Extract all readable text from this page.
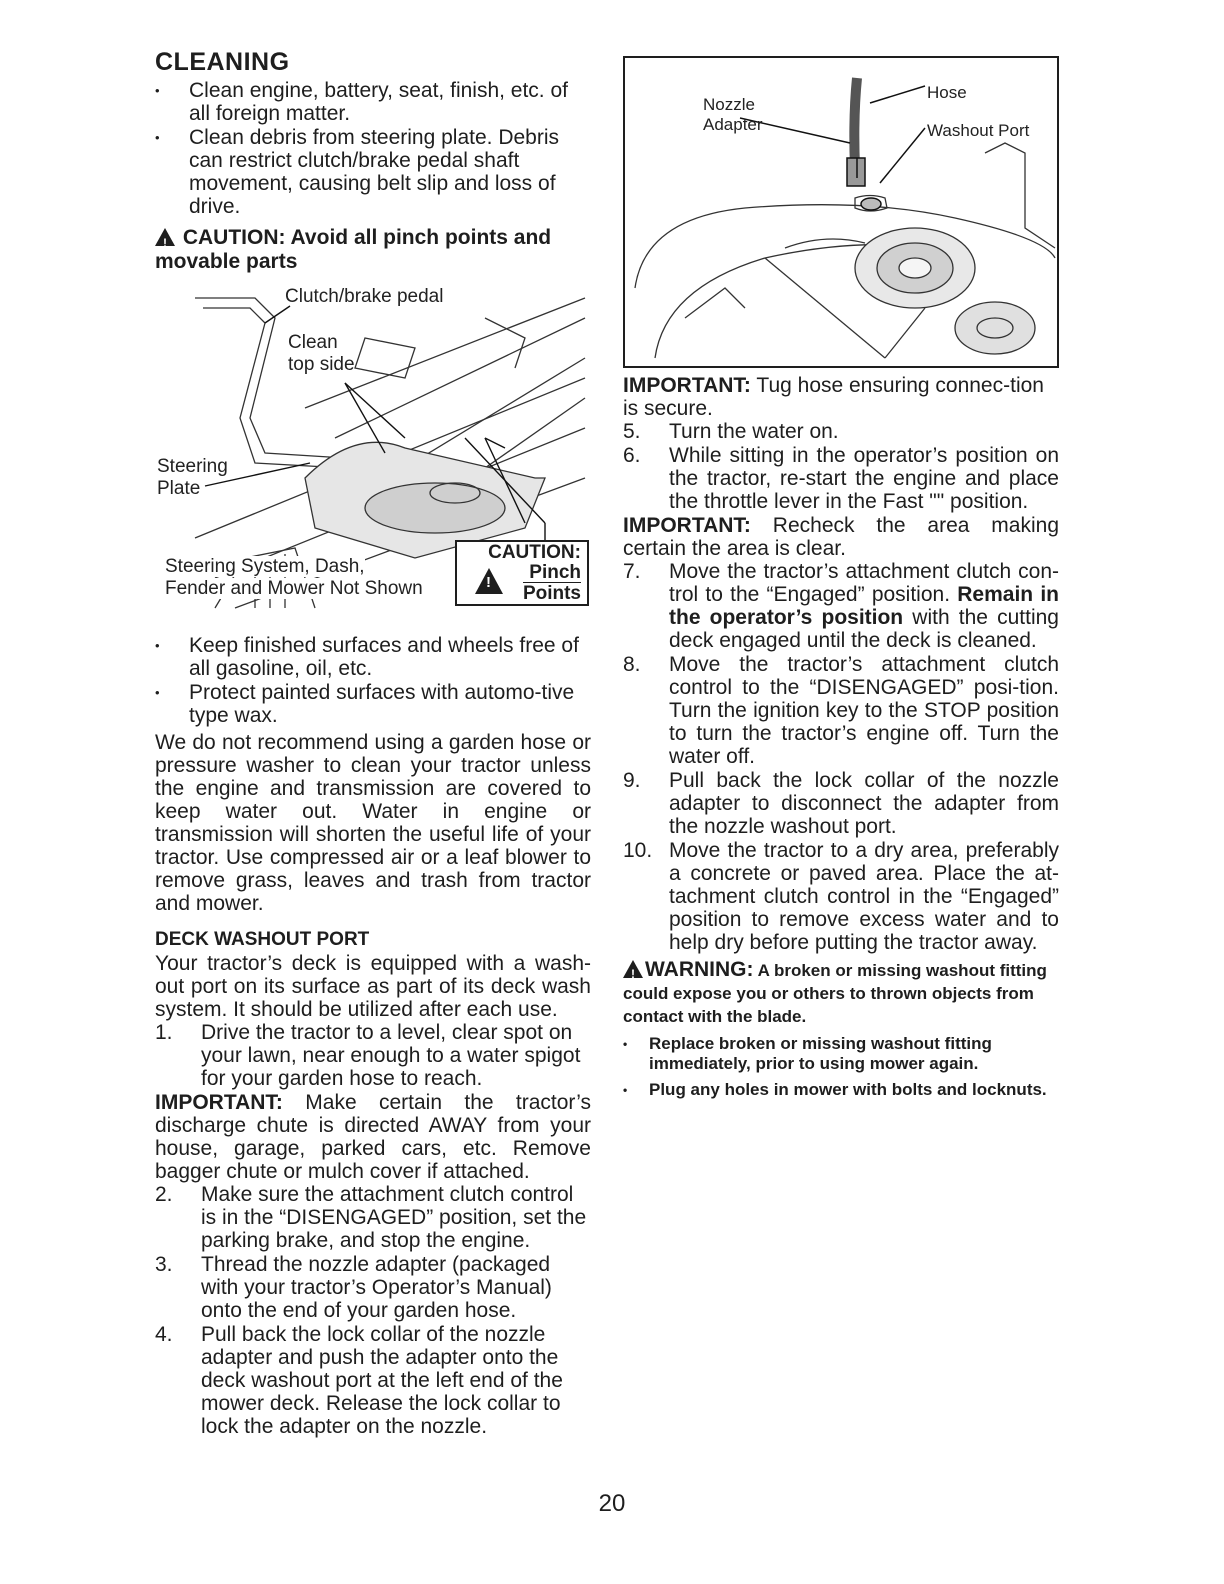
CLEANING
• Clean engine, battery, seat, finish, etc. of all foreign matter.
• Clean debris from steering plate. Debris can restrict clutch/brake pedal shaft movement, causing belt slip and loss of drive.
! CAUTION: Avoid all pinch points and movable parts
Clutch/brake pedal
Clean
top side
Steering
Plate
Steering System, Dash,
Fender and Mower Not Shown
CAUTION:
! Pinch
Points
• Keep finished surfaces and wheels free of all gasoline, oil, etc.
• Protect painted surfaces with automo-tive type wax.

We do not recommend using a garden hose or pressure washer to clean your tractor unless the engine and transmission are covered to keep water out. Water in engine or transmission will shorten the useful life of your tractor. Use compressed air or a leaf blower to remove grass, leaves and trash from tractor and mower.

DECK WASHOUT PORT

Your tractor’s deck is equipped with a wash-out port on its surface as part of its deck wash system. It should be utilized after each use.

1. Drive the tractor to a level, clear spot on your lawn, near enough to a water spigot for your garden hose to reach.

IMPORTANT: Make certain the tractor’s discharge chute is directed AWAY from your house, garage, parked cars, etc. Remove bagger chute or mulch cover if attached.

2. Make sure the attachment clutch control is in the “DISENGAGED” position, set the parking brake, and stop the engine.
3. Thread the nozzle adapter (packaged with your tractor’s Operator’s Manual) onto the end of your garden hose.
4. Pull back the lock collar of the nozzle adapter and push the adapter onto the deck washout port at the left end of the mower deck. Release the lock collar to lock the adapter on the nozzle.
Nozzle
Adapter
Hose
Washout Port

IMPORTANT: Tug hose ensuring connec-tion is secure.

5. Turn the water on.
6. While sitting in the operator’s position on the tractor, re-start the engine and place the throttle lever in the Fast "" position.

IMPORTANT: Recheck the area making certain the area is clear.

7. Move the tractor’s attachment clutch con-trol to the “Engaged” position. Remain in the operator’s position with the cutting deck engaged until the deck is cleaned.
8. Move the tractor’s attachment clutch control to the “DISENGAGED” posi-tion. Turn the ignition key to the STOP position to turn the tractor’s engine off. Turn the water off.
9. Pull back the lock collar of the nozzle adapter to disconnect the adapter from the nozzle washout port.
10. Move the tractor to a dry area, preferably a concrete or paved area. Place the at-tachment clutch control in the “Engaged” position to remove excess water and to help dry before putting the tractor away.
! WARNING: A broken or missing washout fitting could expose you or others to thrown objects from contact with the blade.
• Replace broken or missing washout fitting immediately, prior to using mower again.
• Plug any holes in mower with bolts and locknuts.
20
